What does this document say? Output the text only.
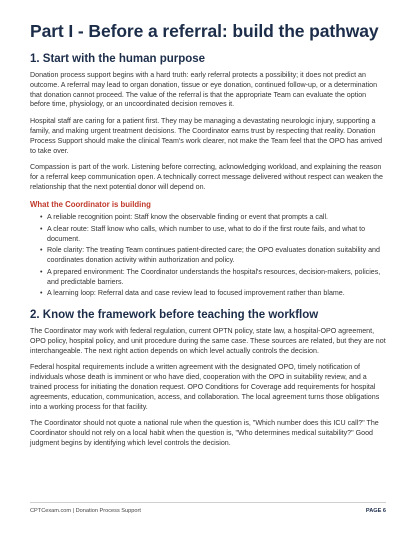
Part I - Before a referral: build the pathway
1. Start with the human purpose

Donation process support begins with a hard truth: early referral protects a possibility; it does not predict an outcome. A referral may lead to organ donation, tissue or eye donation, continued follow-up, or a determination that donation cannot proceed. The value of the referral is that the appropriate Team can evaluate the option before time, physiology, or an uncoordinated decision removes it.

Hospital staff are caring for a patient first. They may be managing a devastating neurologic injury, supporting a family, and making urgent treatment decisions. The Coordinator earns trust by respecting that reality. Donation Process Support should make the clinical Team's work clearer, not make the Team feel that the OPO has arrived to take over.

Compassion is part of the work. Listening before correcting, acknowledging workload, and explaining the reason for a referral keep communication open. A technically correct message delivered without respect can weaken the relationship that the next potential donor will depend on.

What the Coordinator is building
• A reliable recognition point: Staff know the observable finding or event that prompts a call.
• A clear route: Staff know who calls, which number to use, what to do if the first route fails, and what to document.
• Role clarity: The treating Team continues patient-directed care; the OPO evaluates donation suitability and coordinates donation activity within authorization and policy.
• A prepared environment: The Coordinator understands the hospital's resources, decision-makers, policies, and predictable barriers.
• A learning loop: Referral data and case review lead to focused improvement rather than blame.
2. Know the framework before teaching the workflow

The Coordinator may work with federal regulation, current OPTN policy, state law, a hospital-OPO agreement, OPO policy, hospital policy, and unit procedure during the same case. These sources are related, but they are not interchangeable. The next right action depends on which level actually controls the decision.

Federal hospital requirements include a written agreement with the designated OPO, timely notification of individuals whose death is imminent or who have died, cooperation with the OPO in suitability review, and a trained process for initiating the donation request. OPO Conditions for Coverage add requirements for hospital agreements, education, communication, access, and collaboration. The local agreement turns those obligations into a working process for that facility.

The Coordinator should not quote a national rule when the question is, "Which number does this ICU call?" The Coordinator should not rely on a local habit when the question is, "Who determines medical suitability?" Good judgment begins by identifying which level controls the decision.

CPTCexam.com | Donation Process Support	PAGE 6
